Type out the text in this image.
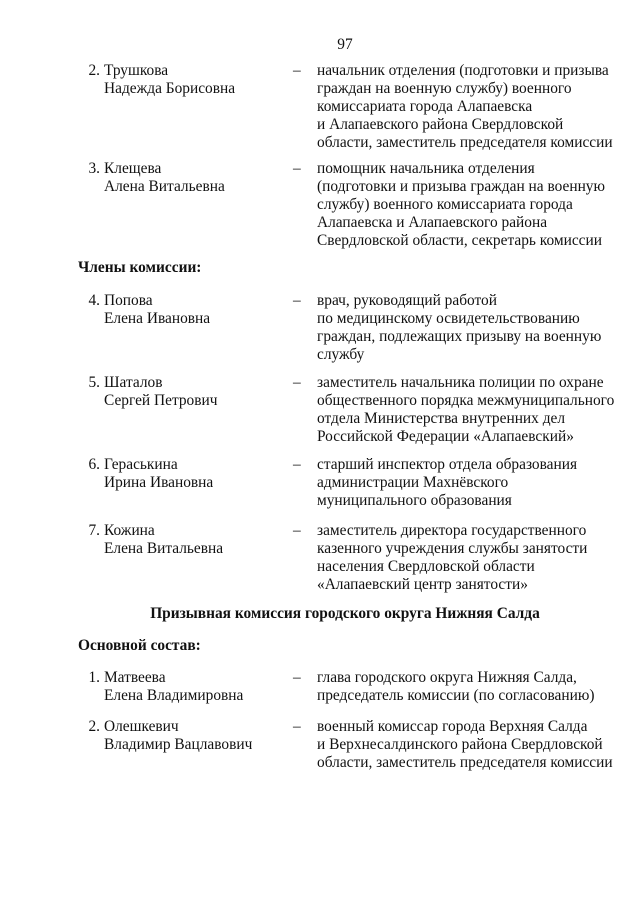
97
2. Трушкова
Надежда Борисовна
– начальник отделения (подготовки и призыва
граждан на военную службу) военного
комиссариата города Алапаевска
и Алапаевского района Свердловской
области, заместитель председателя комиссии
3. Клещева
Алена Витальевна
– помощник начальника отделения
(подготовки и призыва граждан на военную
службу) военного комиссариата города
Алапаевска и Алапаевского района
Свердловской области, секретарь комиссии
Члены комиссии:
4. Попова
Елена Ивановна
– врач, руководящий работой
по медицинскому освидетельствованию
граждан, подлежащих призыву на военную
службу
5. Шаталов
Сергей Петрович
– заместитель начальника полиции по охране
общественного порядка межмуниципального
отдела Министерства внутренних дел
Российской Федерации «Алапаевский»
6. Гераськина
Ирина Ивановна
– старший инспектор отдела образования
администрации Махнёвского
муниципального образования
7. Кожина
Елена Витальевна
– заместитель директора государственного
казенного учреждения службы занятости
населения Свердловской области
«Алапаевский центр занятости»
Призывная комиссия городского округа Нижняя Салда
Основной состав:
1. Матвеева
Елена Владимировна
– глава городского округа Нижняя Салда,
председатель комиссии (по согласованию)
2. Олешкевич
Владимир Вацлавович
– военный комиссар города Верхняя Салда
и Верхнесалдинского района Свердловской
области, заместитель председателя комиссии
